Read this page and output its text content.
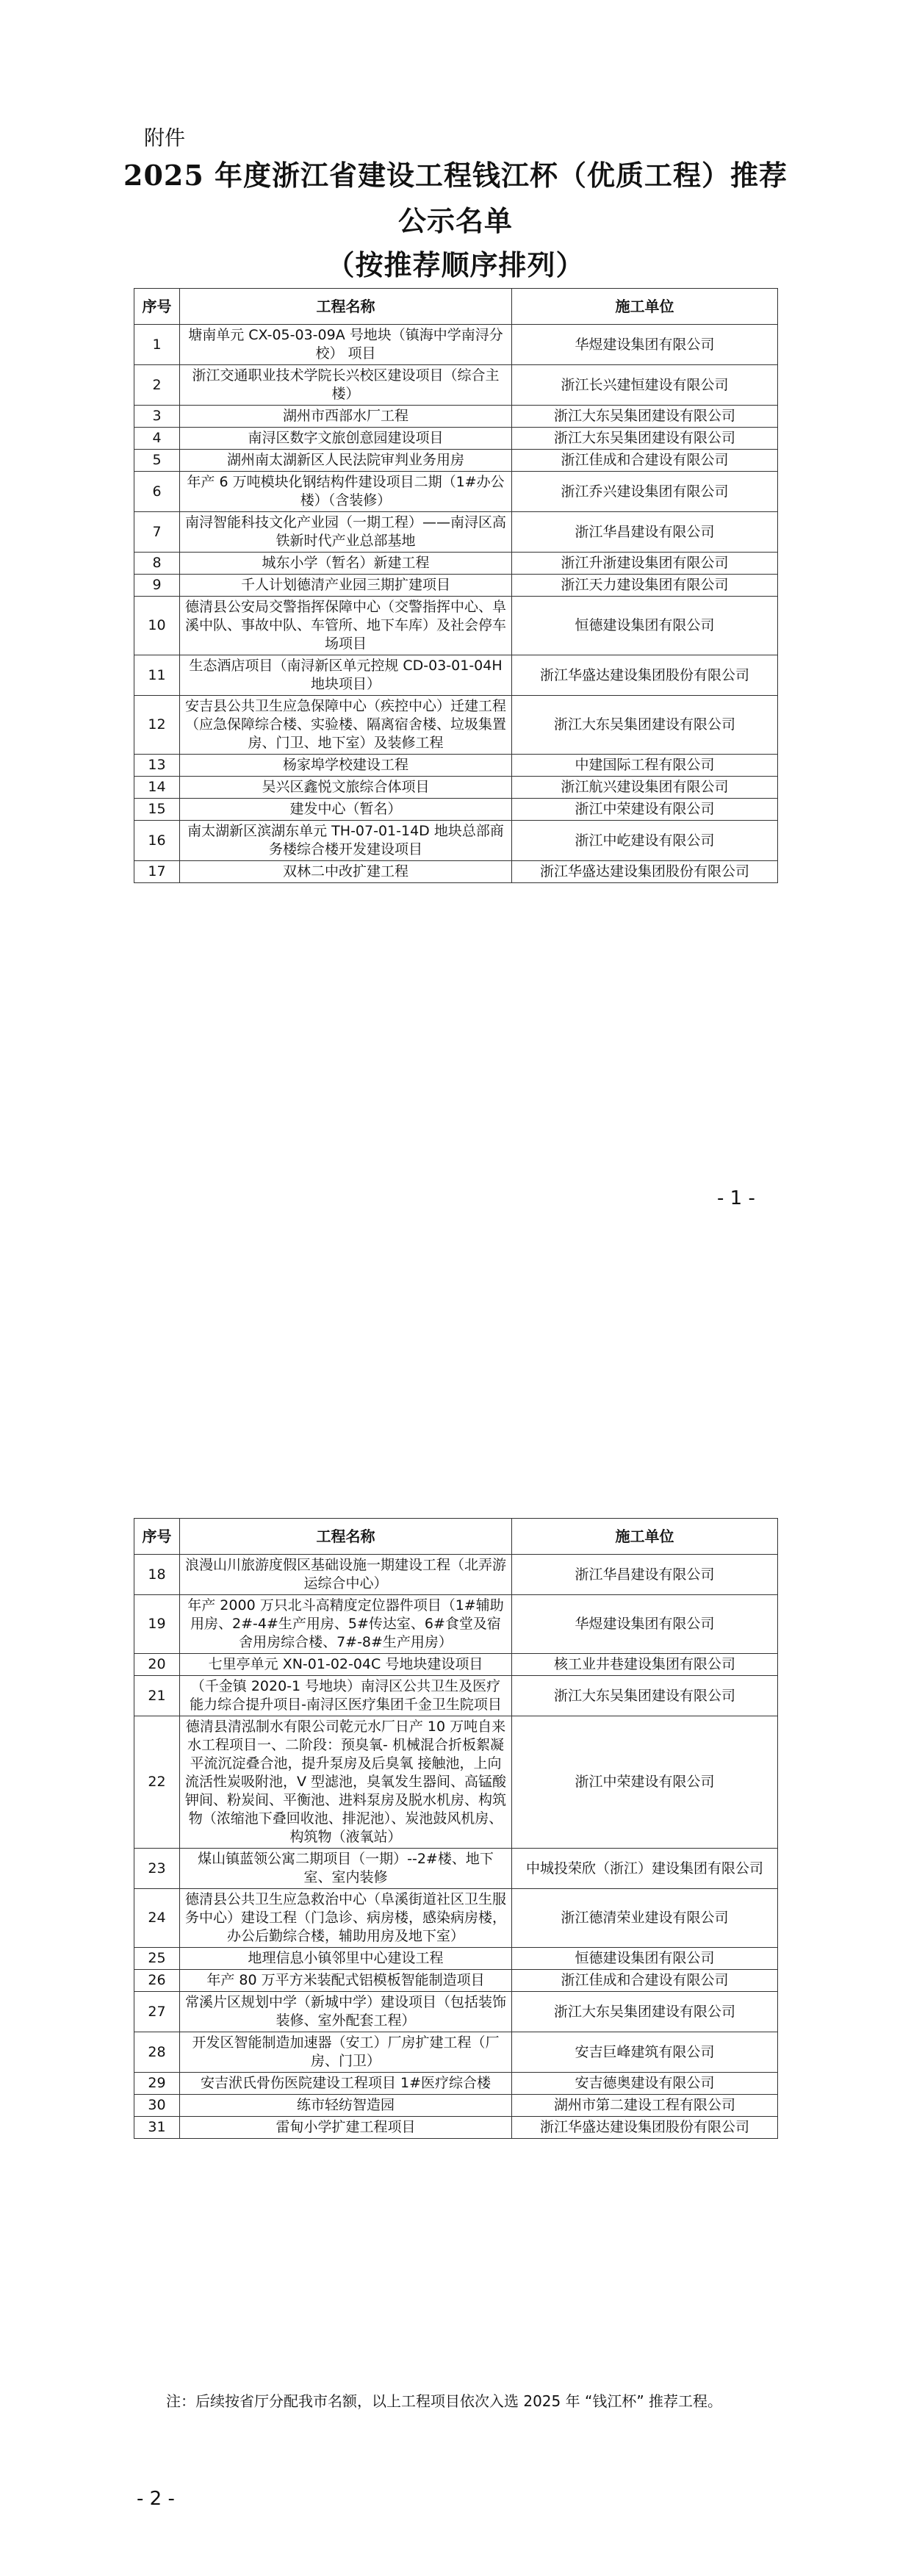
附件
2025 年度浙江省建设工程钱江杯（优质工程）推荐
公示名单
（按推荐顺序排列）
序号	工程名称	施工单位
1	塘南单元 CX-05-03-09A 号地块（镇海中学南浔分校） 项目	华煜建设集团有限公司
2	浙江交通职业技术学院长兴校区建设项目（综合主楼）	浙江长兴建恒建设有限公司
3	湖州市西部水厂工程	浙江大东吴集团建设有限公司
4	南浔区数字文旅创意园建设项目	浙江大东吴集团建设有限公司
5	湖州南太湖新区人民法院审判业务用房	浙江佳成和合建设有限公司
6	年产 6 万吨模块化钢结构件建设项目二期（1#办公楼）（含装修）	浙江乔兴建设集团有限公司
7	南浔智能科技文化产业园（一期工程）——南浔区高铁新时代产业总部基地	浙江华昌建设有限公司
8	城东小学（暂名）新建工程	浙江升浙建设集团有限公司
9	千人计划德清产业园三期扩建项目	浙江天力建设集团有限公司
10	德清县公安局交警指挥保障中心（交警指挥中心、阜溪中队、事故中队、车管所、地下车库）及社会停车场项目	恒德建设集团有限公司
11	生态酒店项目（南浔新区单元控规 CD-03-01-04H 地块项目）	浙江华盛达建设集团股份有限公司
12	安吉县公共卫生应急保障中心（疾控中心）迁建工程（应急保障综合楼、实验楼、隔离宿舍楼、垃圾集置房、门卫、地下室）及装修工程	浙江大东吴集团建设有限公司
13	杨家埠学校建设工程	中建国际工程有限公司
14	吴兴区鑫悦文旅综合体项目	浙江航兴建设集团有限公司
15	建发中心（暂名）	浙江中荣建设有限公司
16	南太湖新区滨湖东单元 TH-07-01-14D 地块总部商务楼综合楼开发建设项目	浙江中屹建设有限公司
17	双林二中改扩建工程	浙江华盛达建设集团股份有限公司
- 1 -
序号	工程名称	施工单位
18	浪漫山川旅游度假区基础设施一期建设工程（北弄游运综合中心）	浙江华昌建设有限公司
19	年产 2000 万只北斗高精度定位器件项目（1#辅助用房、2#-4#生产用房、5#传达室、6#食堂及宿舍用房综合楼、7#-8#生产用房）	华煜建设集团有限公司
20	七里亭单元 XN-01-02-04C 号地块建设项目	核工业井巷建设集团有限公司
21	（千金镇 2020-1 号地块）南浔区公共卫生及医疗能力综合提升项目-南浔区医疗集团千金卫生院项目	浙江大东吴集团建设有限公司
22	德清县清泓制水有限公司乾元水厂日产 10 万吨自来水工程项目一、二阶段：预臭氧- 机械混合折板絮凝平流沉淀叠合池，提升泵房及后臭氧 接触池，上向流活性炭吸附池，V 型滤池，臭氧发生器间、高锰酸钾间、粉炭间、平衡池、进料泵房及脱水机房、构筑物（浓缩池下叠回收池、排泥池）、炭池鼓风机房、构筑物（液氧站）	浙江中荣建设有限公司
23	煤山镇蓝领公寓二期项目（一期）--2#楼、地下室、室内装修	中城投荣欣（浙江）建设集团有限公司
24	德清县公共卫生应急救治中心（阜溪街道社区卫生服务中心）建设工程（门急诊、病房楼，感染病房楼，办公后勤综合楼，辅助用房及地下室）	浙江德清荣业建设有限公司
25	地理信息小镇邻里中心建设工程	恒德建设集团有限公司
26	年产 80 万平方米装配式铝模板智能制造项目	浙江佳成和合建设有限公司
27	常溪片区规划中学（新城中学）建设项目（包括装饰装修、室外配套工程）	浙江大东吴集团建设有限公司
28	开发区智能制造加速器（安工）厂房扩建工程（厂房、门卫）	安吉巨峰建筑有限公司
29	安吉洑氏骨伤医院建设工程项目 1#医疗综合楼	安吉德奥建设有限公司
30	练市轻纺智造园	湖州市第二建设工程有限公司
31	雷甸小学扩建工程项目	浙江华盛达建设集团股份有限公司
注：后续按省厅分配我市名额，以上工程项目依次入选 2025 年 “钱江杯” 推荐工程。
- 2 -
